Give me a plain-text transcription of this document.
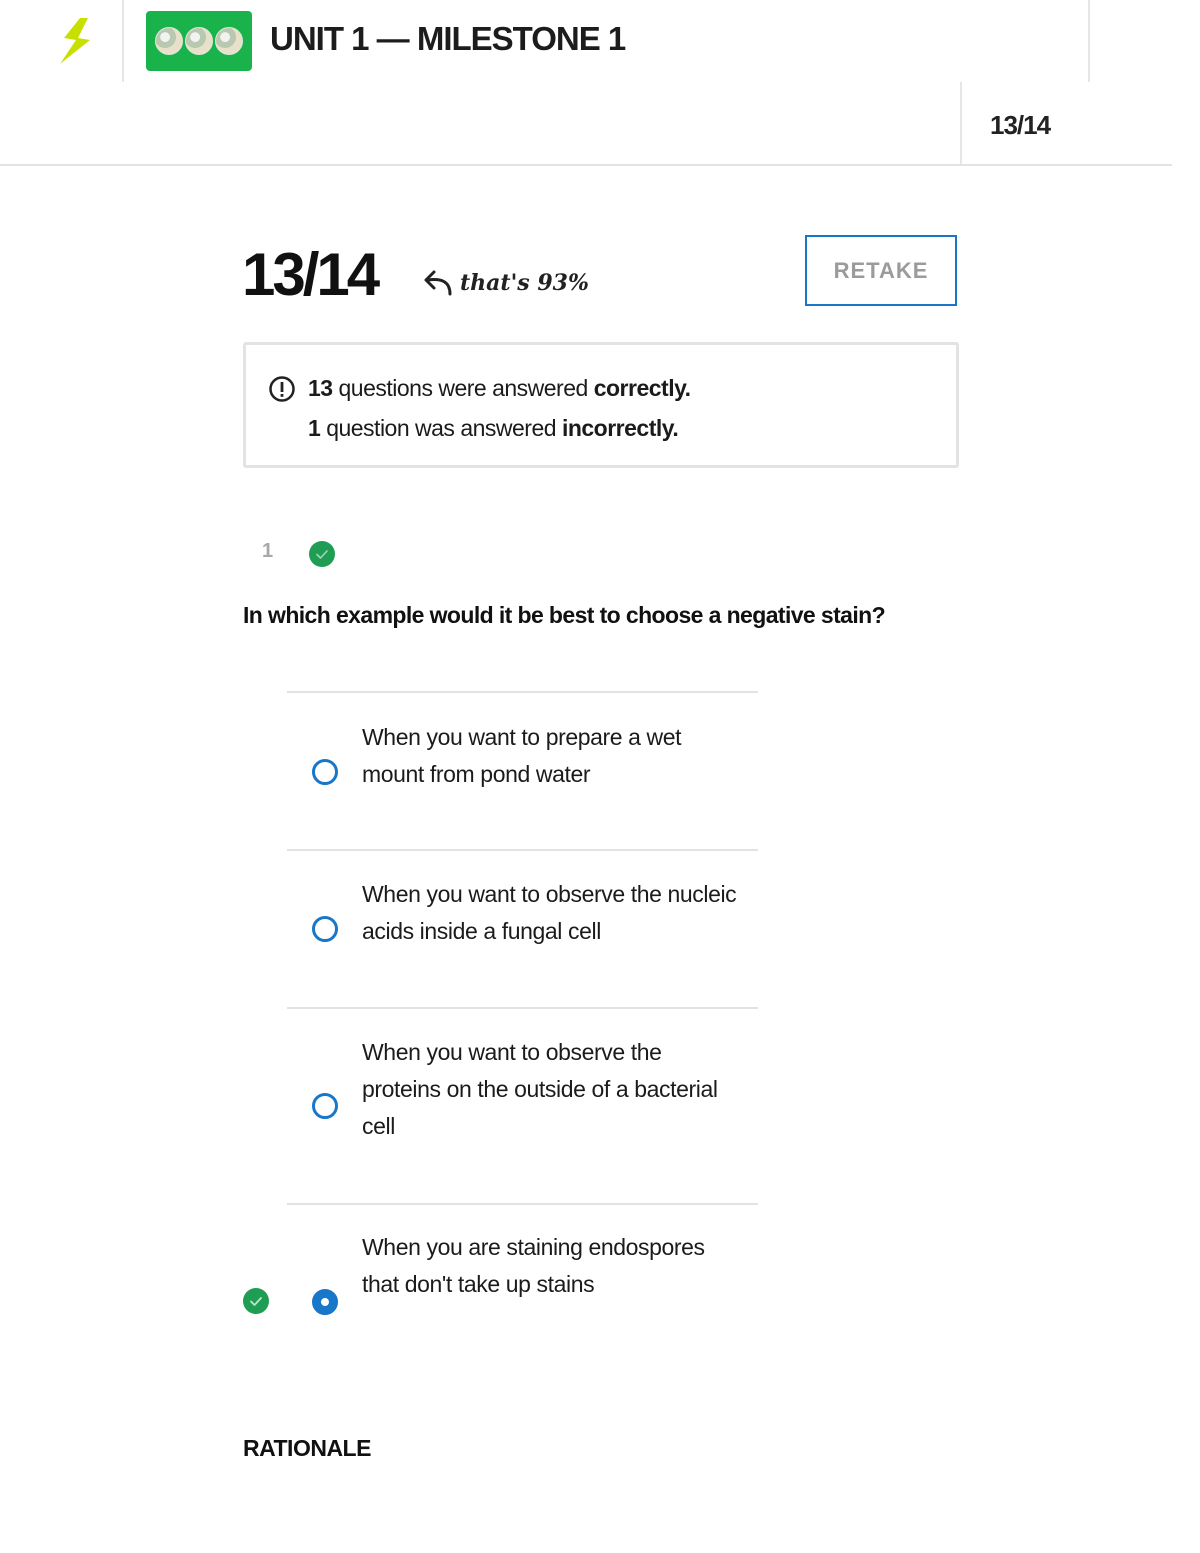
UNIT 1 — MILESTONE 1
13/14
13/14	that's 93%	RETAKE
13 questions were answered correctly.
1 question was answered incorrectly.
1
In which example would it be best to choose a negative stain?
When you want to prepare a wet mount from pond water
When you want to observe the nucleic acids inside a fungal cell
When you want to observe the proteins on the outside of a bacterial cell
When you are staining endospores that don't take up stains
RATIONALE
